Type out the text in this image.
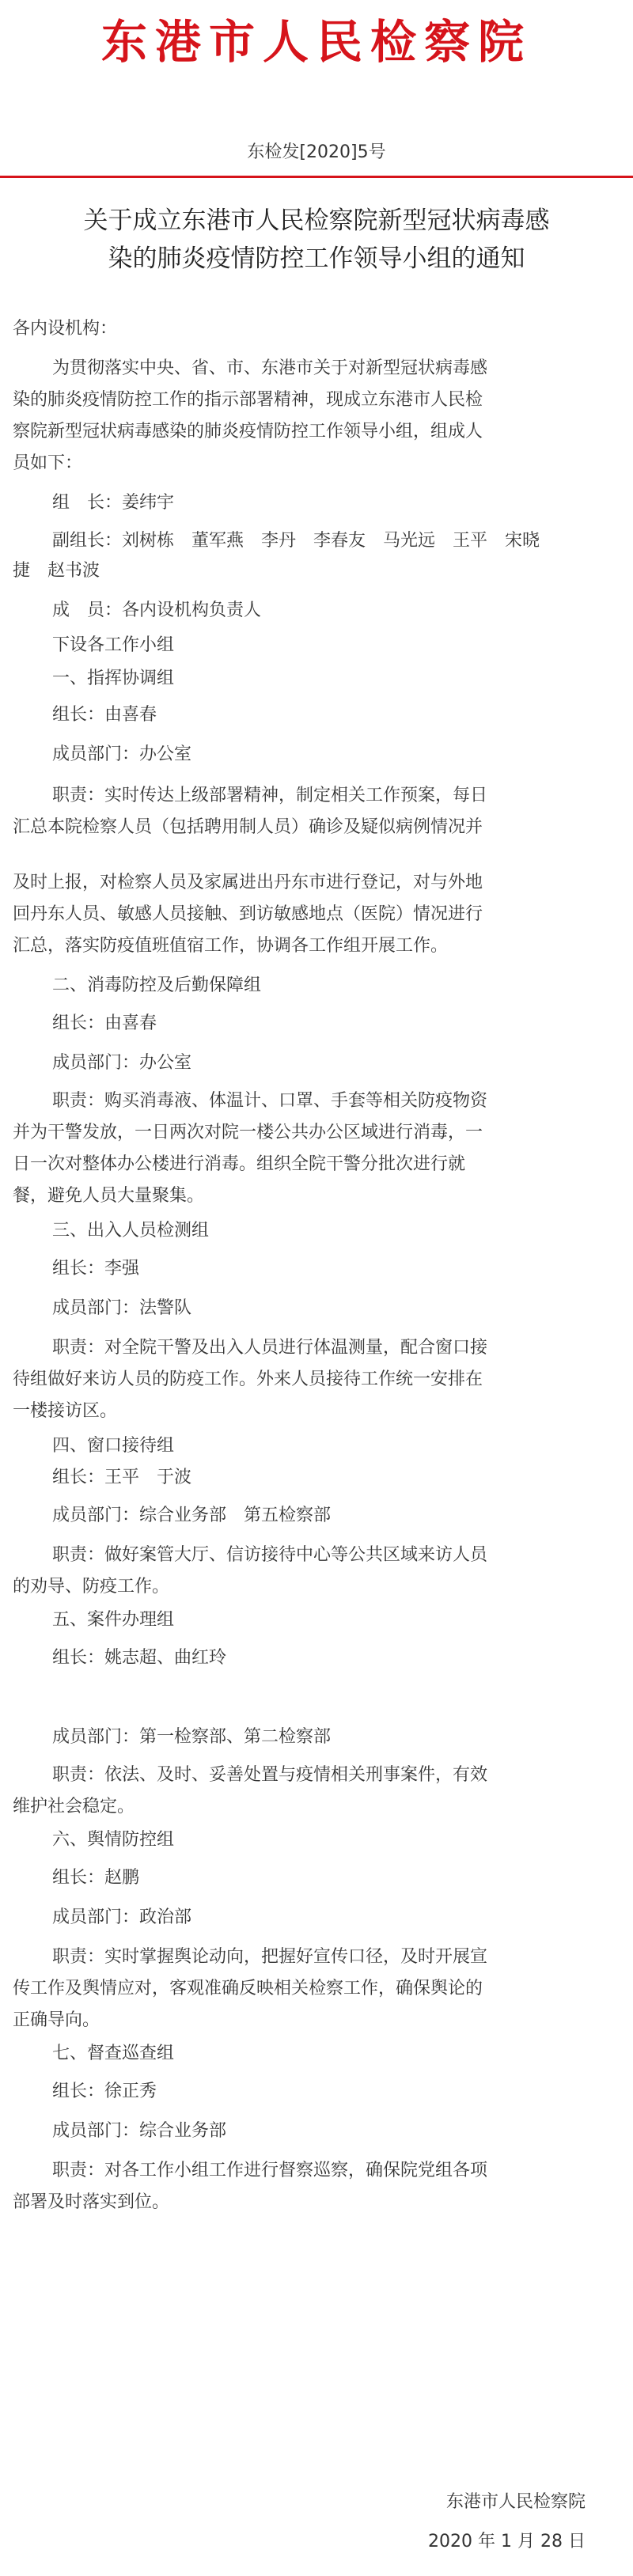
东港市人民检察院
东检发[2020]5号
关于成立东港市人民检察院新型冠状病毒感
染的肺炎疫情防控工作领导小组的通知
各内设机构：
为贯彻落实中央、省、市、东港市关于对新型冠状病毒感
染的肺炎疫情防控工作的指示部署精神，现成立东港市人民检
察院新型冠状病毒感染的肺炎疫情防控工作领导小组，组成人
员如下：
组　长：姜纬宇
副组长：刘树栋　董军燕　李丹　李春友　马光远　王平　宋晓
捷　赵书波
成　员：各内设机构负责人
下设各工作小组
一、指挥协调组
组长：由喜春
成员部门：办公室
职责：实时传达上级部署精神，制定相关工作预案，每日
汇总本院检察人员（包括聘用制人员）确诊及疑似病例情况并
及时上报，对检察人员及家属进出丹东市进行登记，对与外地
回丹东人员、敏感人员接触、到访敏感地点（医院）情况进行
汇总，落实防疫值班值宿工作，协调各工作组开展工作。
二、消毒防控及后勤保障组
组长：由喜春
成员部门：办公室
职责：购买消毒液、体温计、口罩、手套等相关防疫物资
并为干警发放，一日两次对院一楼公共办公区域进行消毒，一
日一次对整体办公楼进行消毒。组织全院干警分批次进行就
餐，避免人员大量聚集。
三、出入人员检测组
组长：李强
成员部门：法警队
职责：对全院干警及出入人员进行体温测量，配合窗口接
待组做好来访人员的防疫工作。外来人员接待工作统一安排在
一楼接访区。
四、窗口接待组
组长：王平　于波
成员部门：综合业务部　第五检察部
职责：做好案管大厅、信访接待中心等公共区域来访人员
的劝导、防疫工作。
五、案件办理组
组长：姚志超、曲红玲
成员部门：第一检察部、第二检察部
职责：依法、及时、妥善处置与疫情相关刑事案件，有效
维护社会稳定。
六、舆情防控组
组长：赵鹏
成员部门：政治部
职责：实时掌握舆论动向，把握好宣传口径，及时开展宣
传工作及舆情应对，客观准确反映相关检察工作，确保舆论的
正确导向。
七、督查巡查组
组长：徐正秀
成员部门：综合业务部
职责：对各工作小组工作进行督察巡察，确保院党组各项
部署及时落实到位。
东港市人民检察院
2020 年 1 月 28 日
